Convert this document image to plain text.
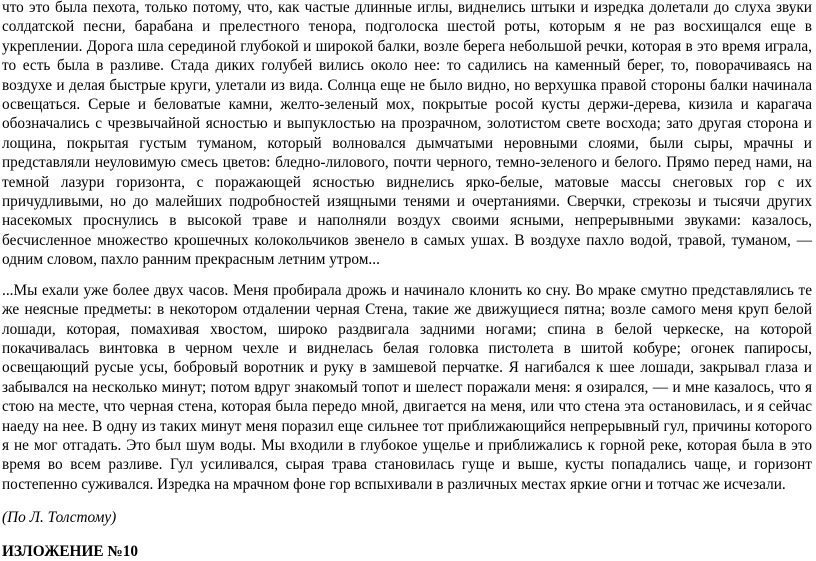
что это была пехота, только потому, что, как частые длинные иглы, виднелись штыки и изредка долетали до слуха звуки солдатской песни, барабана и прелестного тенора, подголоска шестой роты, которым я не раз восхищался еще в укреплении. Дорога шла серединой глубокой и широкой балки, возле берега небольшой речки, которая в это время играла, то есть была в разливе. Стада диких голубей вились около нее: то садились на каменный берег, то, поворачиваясь на воздухе и делая быстрые круги, улетали из вида. Солнца еще не было видно, но верхушка правой стороны балки начинала освещаться. Серые и беловатые камни, желто-зеленый мох, покрытые росой кусты держи-дерева, кизила и карагача обозначались с чрезвычайной ясностью и выпуклостью на прозрачном, золотистом свете восхода; зато другая сторона и лощина, покрытая густым туманом, который волновался дымчатыми неровными слоями, были сыры, мрачны и представляли неуловимую смесь цветов: бледно-лилового, почти черного, темно-зеленого и белого. Прямо перед нами, на темной лазури горизонта, с поражающей ясностью виднелись ярко-белые, матовые массы снеговых гор с их причудливыми, но до малейших подробностей изящными тенями и очертаниями. Сверчки, стрекозы и тысячи других насекомых проснулись в высокой траве и наполняли воздух своими ясными, непрерывными звуками: казалось, бесчисленное множество крошечных колокольчиков звенело в самых ушах. В воздухе пахло водой, травой, туманом, — одним словом, пахло ранним прекрасным летним утром...

...Мы ехали уже более двух часов. Меня пробирала дрожь и начинало клонить ко сну. Во мраке смутно представлялись те же неясные предметы: в некотором отдалении черная Стена, такие же движущиеся пятна; возле самого меня круп белой лошади, которая, помахивая хвостом, широко раздвигала задними ногами; спина в белой черкеске, на которой покачивалась винтовка в черном чехле и виднелась белая головка пистолета в шитой кобуре; огонек папиросы, освещающий русые усы, бобровый воротник и руку в замшевой перчатке. Я нагибался к шее лошади, закрывал глаза и забывался на несколько минут; потом вдруг знакомый топот и шелест поражали меня: я озирался, — и мне казалось, что я стою на месте, что черная стена, которая была передо мной, двигается на меня, или что стена эта остановилась, и я сейчас наеду на нее. В одну из таких минут меня поразил еще сильнее тот приближающийся непрерывный гул, причины которого я не мог отгадать. Это был шум воды. Мы входили в глубокое ущелье и приближались к горной реке, которая была в это время во всем разливе. Гул усиливался, сырая трава становилась гуще и выше, кусты попадались чаще, и горизонт постепенно суживался. Изредка на мрачном фоне гор вспыхивали в различных местах яркие огни и тотчас же исчезали.

(По Л. Толстому)

ИЗЛОЖЕНИЕ №10
